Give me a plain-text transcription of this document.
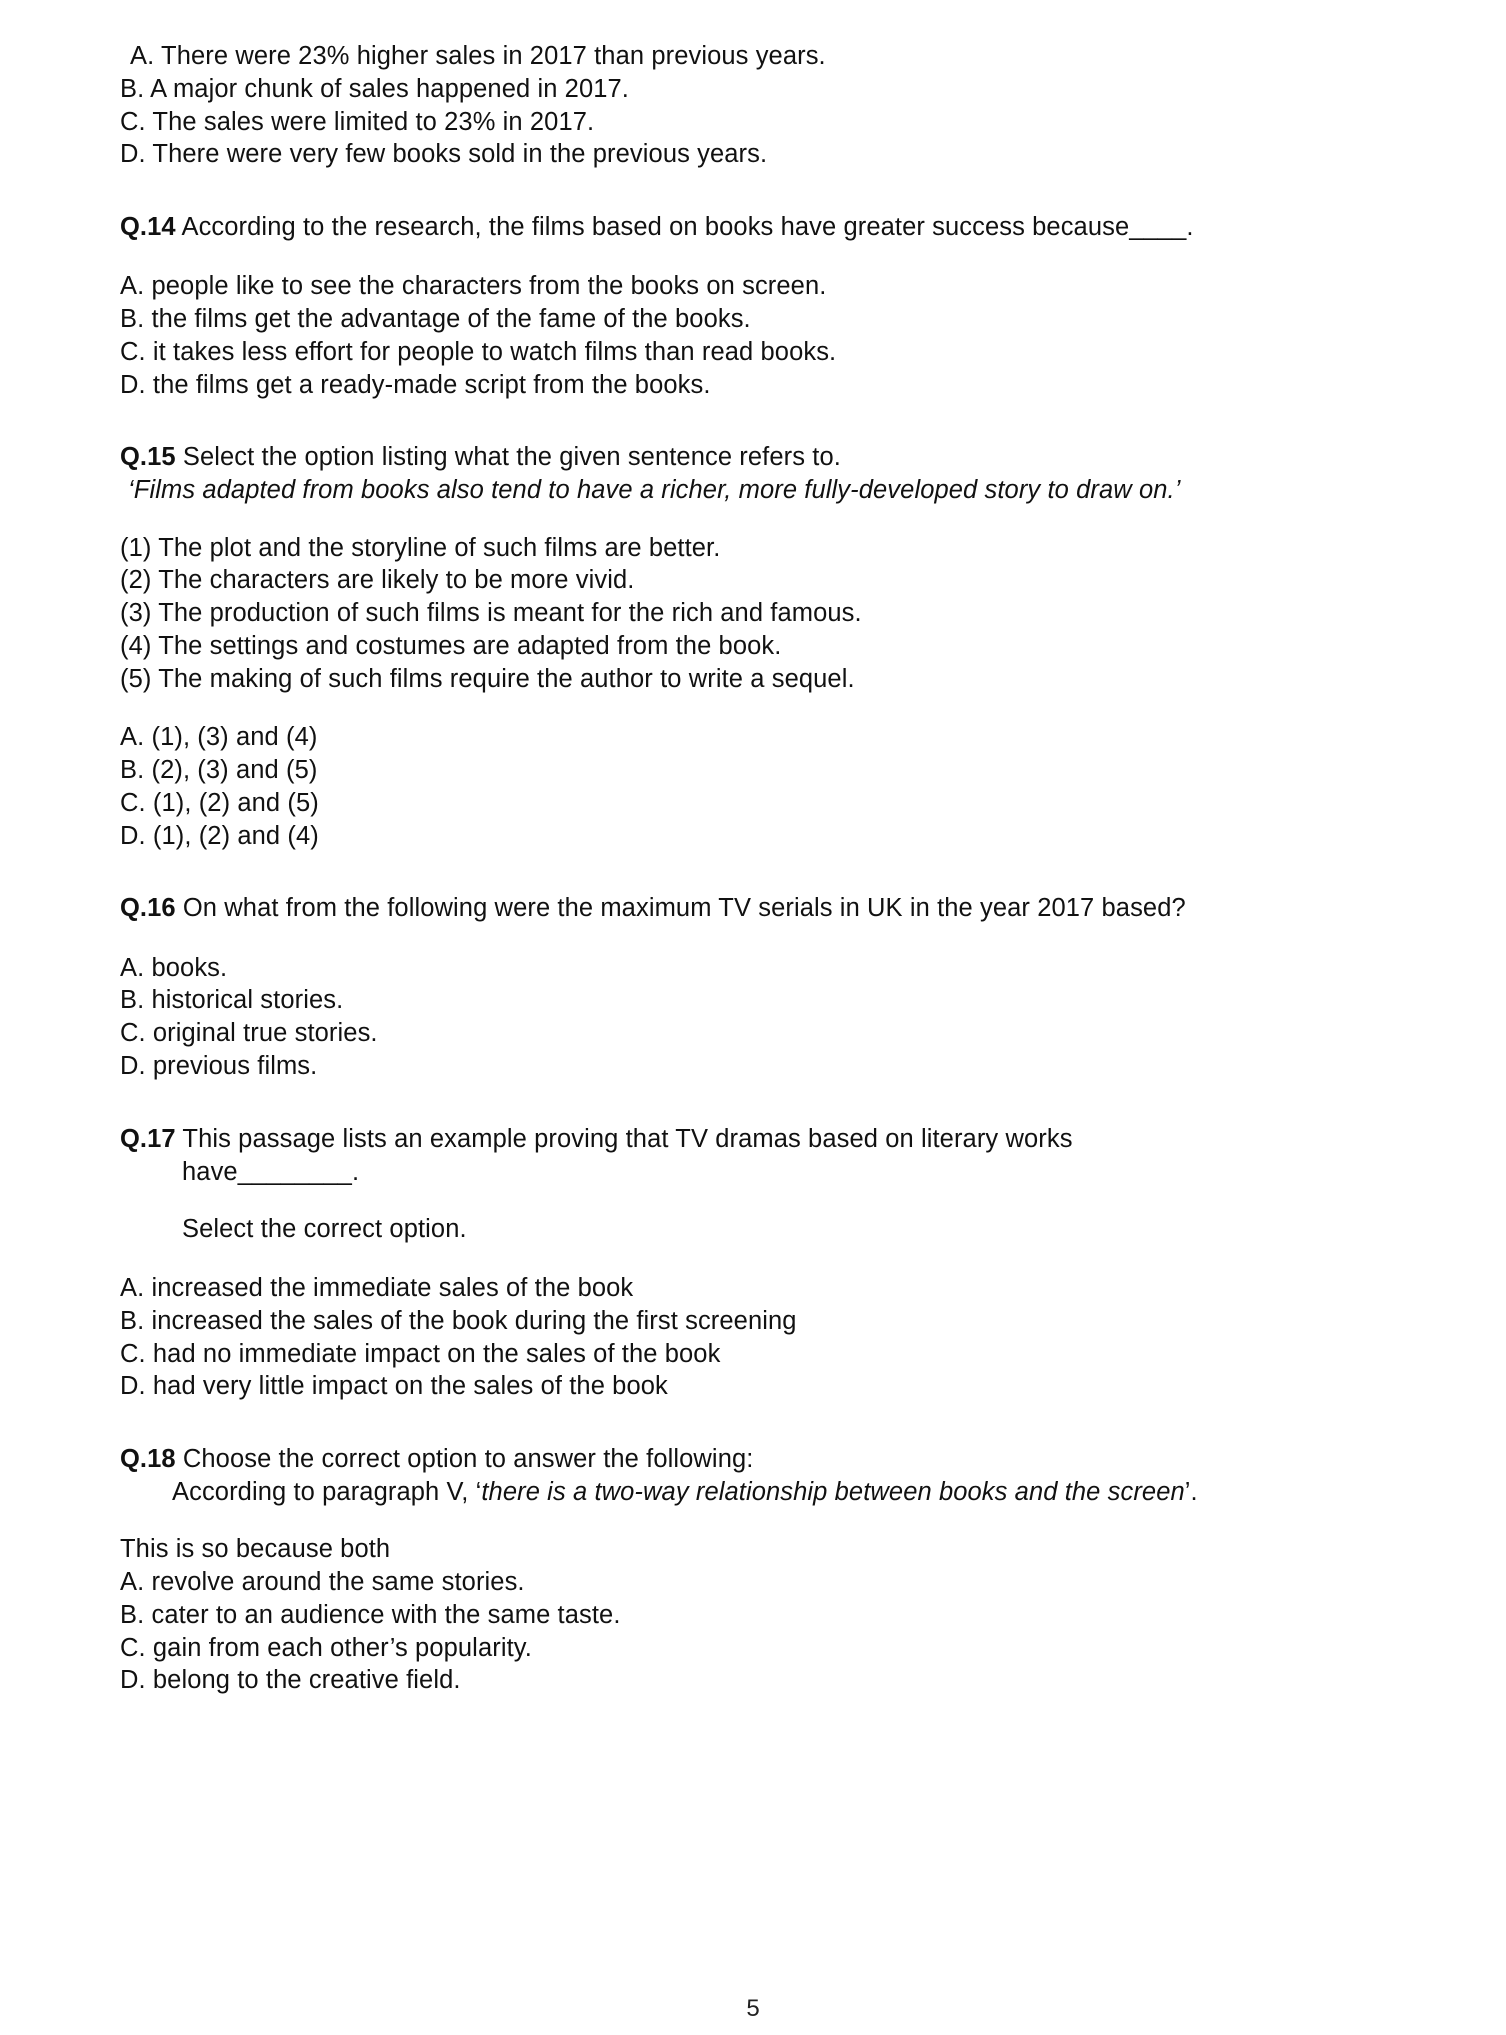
A. There were 23% higher sales in 2017 than previous years.
B. A major chunk of sales happened in 2017.
C. The sales were limited to 23% in 2017.
D. There were very few books sold in the previous years.
Q.14 According to the research, the films based on books have greater success because____.
A. people like to see the characters from the books on screen.
B. the films get the advantage of the fame of the books.
C. it takes less effort for people to watch films than read books.
D. the films get a ready-made script from the books.
Q.15 Select the option listing what the given sentence refers to.
‘Films adapted from books also tend to have a richer, more fully-developed story to draw on.’
(1) The plot and the storyline of such films are better.
(2) The characters are likely to be more vivid.
(3) The production of such films is meant for the rich and famous.
(4) The settings and costumes are adapted from the book.
(5) The making of such films require the author to write a sequel.
A. (1), (3) and (4)
B. (2), (3) and (5)
C. (1), (2) and (5)
D. (1), (2) and (4)
Q.16 On what from the following were the maximum TV serials in UK in the year 2017 based?
A. books.
B. historical stories.
C. original true stories.
D. previous films.
Q.17 This passage lists an example proving that TV dramas based on literary works
have________.
Select the correct option.
A. increased the immediate sales of the book
B. increased the sales of the book during the first screening
C. had no immediate impact on the sales of the book
D. had very little impact on the sales of the book
Q.18 Choose the correct option to answer the following:
According to paragraph V, ‘there is a two-way relationship between books and the screen’.
This is so because both
A. revolve around the same stories.
B. cater to an audience with the same taste.
C. gain from each other’s popularity.
D. belong to the creative field.
5
